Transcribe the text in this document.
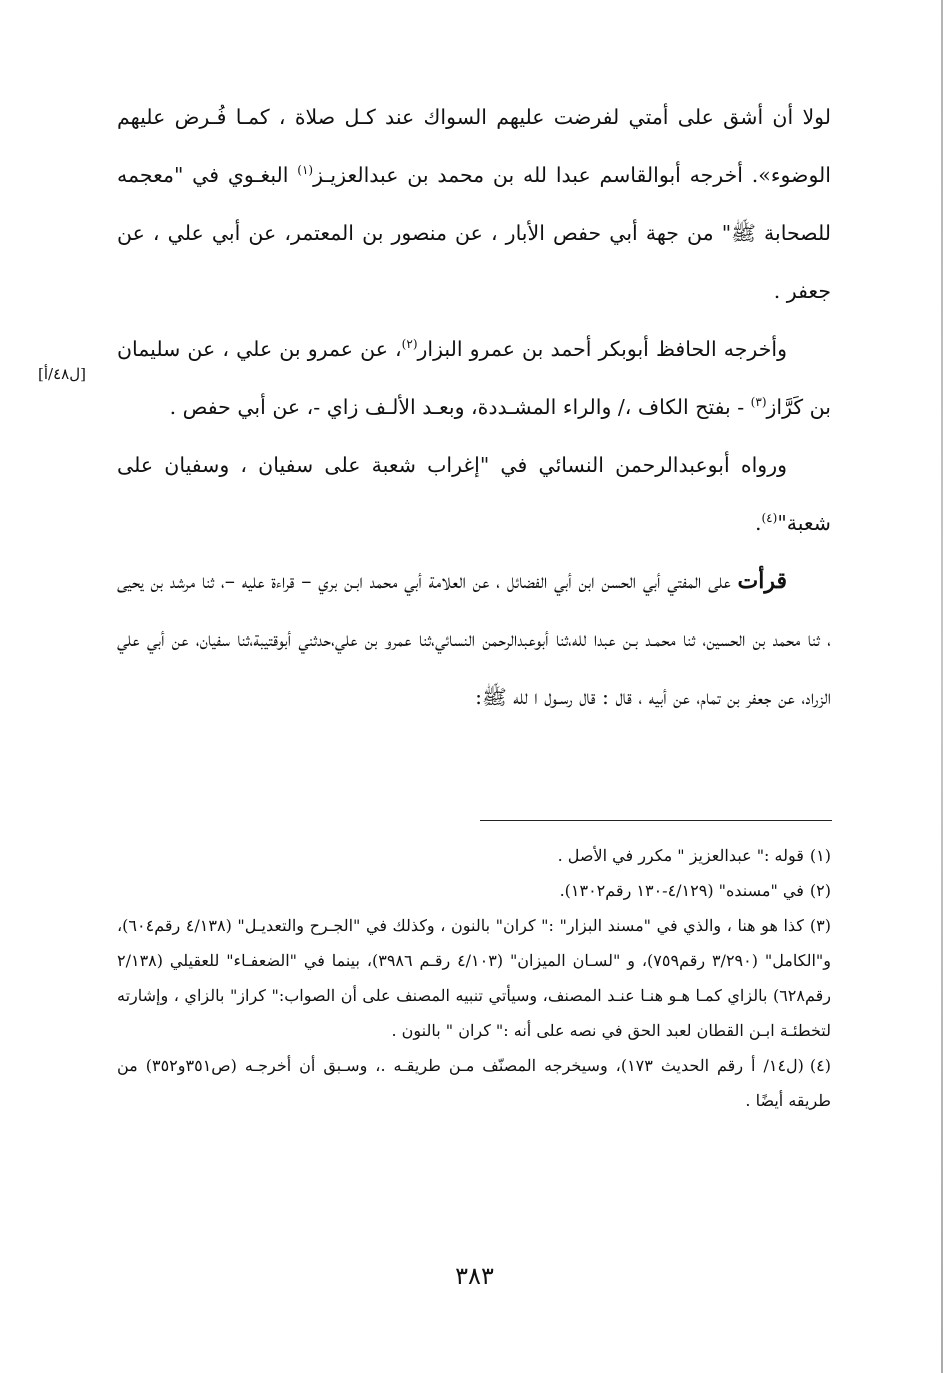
لولا أن أشق على أمتي لفرضت عليهم السواك عند كـل صلاة ، كمـا فُـرض عليهم الوضوء». أخرجه أبوالقاسم عبدا لله بن محمد بن عبدالعزيـز$^{(١)}$ البغـوي في "معجمه للصحابة ﷺ" من جهة أبي حفص الأبار ، عن منصور بن المعتمر، عن أبي علي ، عن جعفر .

وأخرجه الحافظ أبوبكر أحمد بن عمرو البزار$^{(٢)}$، عن عمرو بن علي ، عن سليمان بن كَرَّاز$^{(٣)}$ - بفتح الكاف ،/ والراء المشـددة، وبعـد الألـف زاي -، عن أبي حفص .

ورواه أبوعبدالرحمن النسائي في "إغراب شعبة على سفيان ، وسفيان على شعبة"$^{(٤)}$.

قرأت على المفتي أبي الحسن ابن أبي الفضائل ، عن العلامة أبي محمد ابـن بري – قراءة عليه –، ثنا مرشد بن يحيى ، ثنا محمد بن الحسين، ثنا محمـد بـن عبدا لله،ثنا أبوعبدالرحمن النسائي،ثنا عمرو بن علي،حدثني أبوقتيبة،ثنا سفيان، عن أبي علي الزراد، عن جعفر بن تمام، عن أبيه ، قال : قال رسـول ا لله ﷺ:

[ل٤٨/أ]

(١)قوله :" عبدالعزيز " مكرر في الأصل .

(٢)في "مسنده" (٤/١٢٩-١٣٠ رقم١٣٠٢).

(٣)كذا هو هنا ، والذي في "مسند البزار" :" كران" بالنون ، وكذلك في "الجـرح والتعديـل" (٤/١٣٨ رقم٦٠٤)، و"الكامل" (٣/٢٩٠ رقم٧٥٩)، و "لسـان الميزان" (٤/١٠٣ رقـم ٣٩٨٦)، بينما في "الضعفـاء" للعقيلي (٢/١٣٨ رقم٦٢٨) بالزاي كمـا هـو هنـا عنـد المصنف، وسيأتي تنبيه المصنف على أن الصواب:" كراز" بالزاي ، وإشارته لتخطئـة ابـن القطان لعبد الحق في نصه على أنه :" كران " بالنون .

(٤)(ل١٤/ أ رقم الحديث ١٧٣)، وسيخرجه المصنّف مـن طريقـه .، وسـبق أن أخرجـه (ص٣٥١و٣٥٢) من طريقه أيضًا .

٣٨٣
